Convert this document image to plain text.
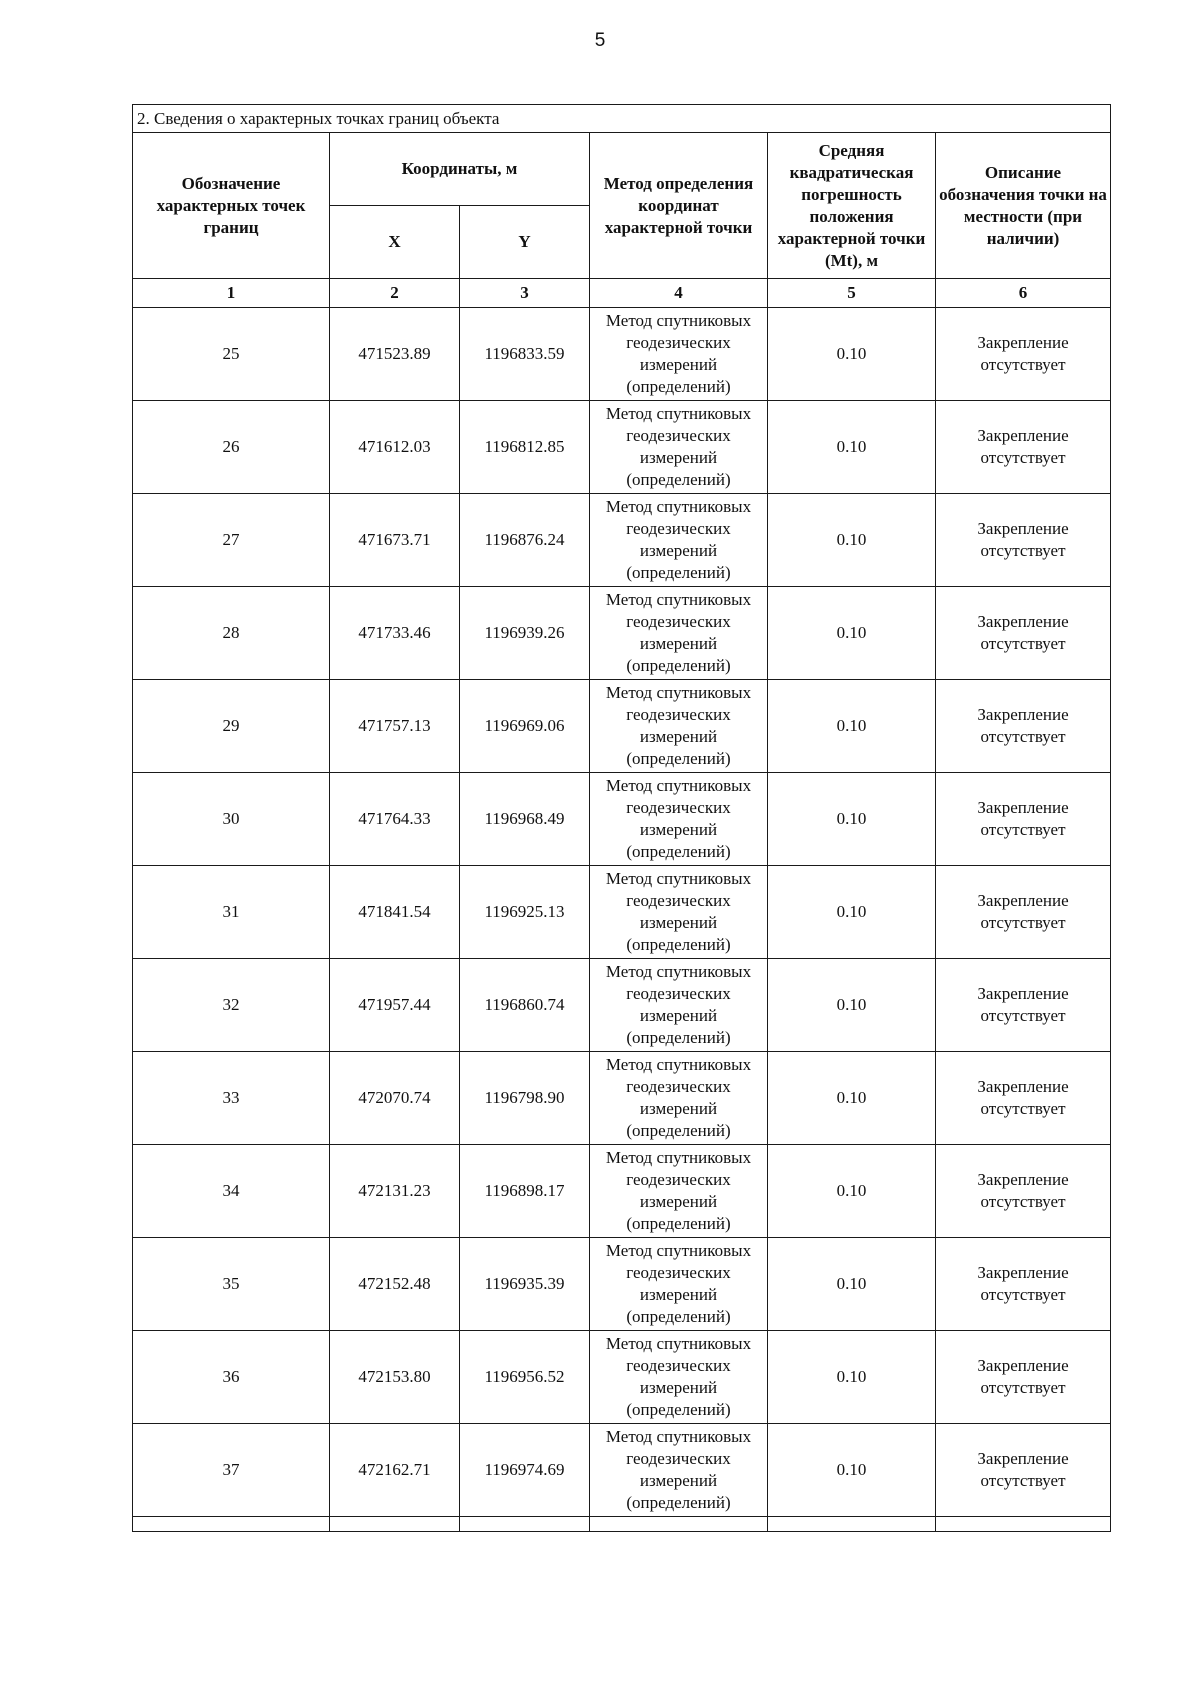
5
2. Сведения о характерных точках границ объекта					
Обозначение характерных точек границ	Координаты, м		Метод определения координат характерной точки	Средняя квадратическая погрешность положения характерной точки (Mt), м	Описание обозначения точки на местности (при наличии)
	X	Y			
1	2	3	4	5	6
25	471523.89	1196833.59	Метод спутниковых геодезических измерений (определений)	0.10	Закрепление отсутствует
26	471612.03	1196812.85	Метод спутниковых геодезических измерений (определений)	0.10	Закрепление отсутствует
27	471673.71	1196876.24	Метод спутниковых геодезических измерений (определений)	0.10	Закрепление отсутствует
28	471733.46	1196939.26	Метод спутниковых геодезических измерений (определений)	0.10	Закрепление отсутствует
29	471757.13	1196969.06	Метод спутниковых геодезических измерений (определений)	0.10	Закрепление отсутствует
30	471764.33	1196968.49	Метод спутниковых геодезических измерений (определений)	0.10	Закрепление отсутствует
31	471841.54	1196925.13	Метод спутниковых геодезических измерений (определений)	0.10	Закрепление отсутствует
32	471957.44	1196860.74	Метод спутниковых геодезических измерений (определений)	0.10	Закрепление отсутствует
33	472070.74	1196798.90	Метод спутниковых геодезических измерений (определений)	0.10	Закрепление отсутствует
34	472131.23	1196898.17	Метод спутниковых геодезических измерений (определений)	0.10	Закрепление отсутствует
35	472152.48	1196935.39	Метод спутниковых геодезических измерений (определений)	0.10	Закрепление отсутствует
36	472153.80	1196956.52	Метод спутниковых геодезических измерений (определений)	0.10	Закрепление отсутствует
37	472162.71	1196974.69	Метод спутниковых геодезических измерений (определений)	0.10	Закрепление отсутствует
